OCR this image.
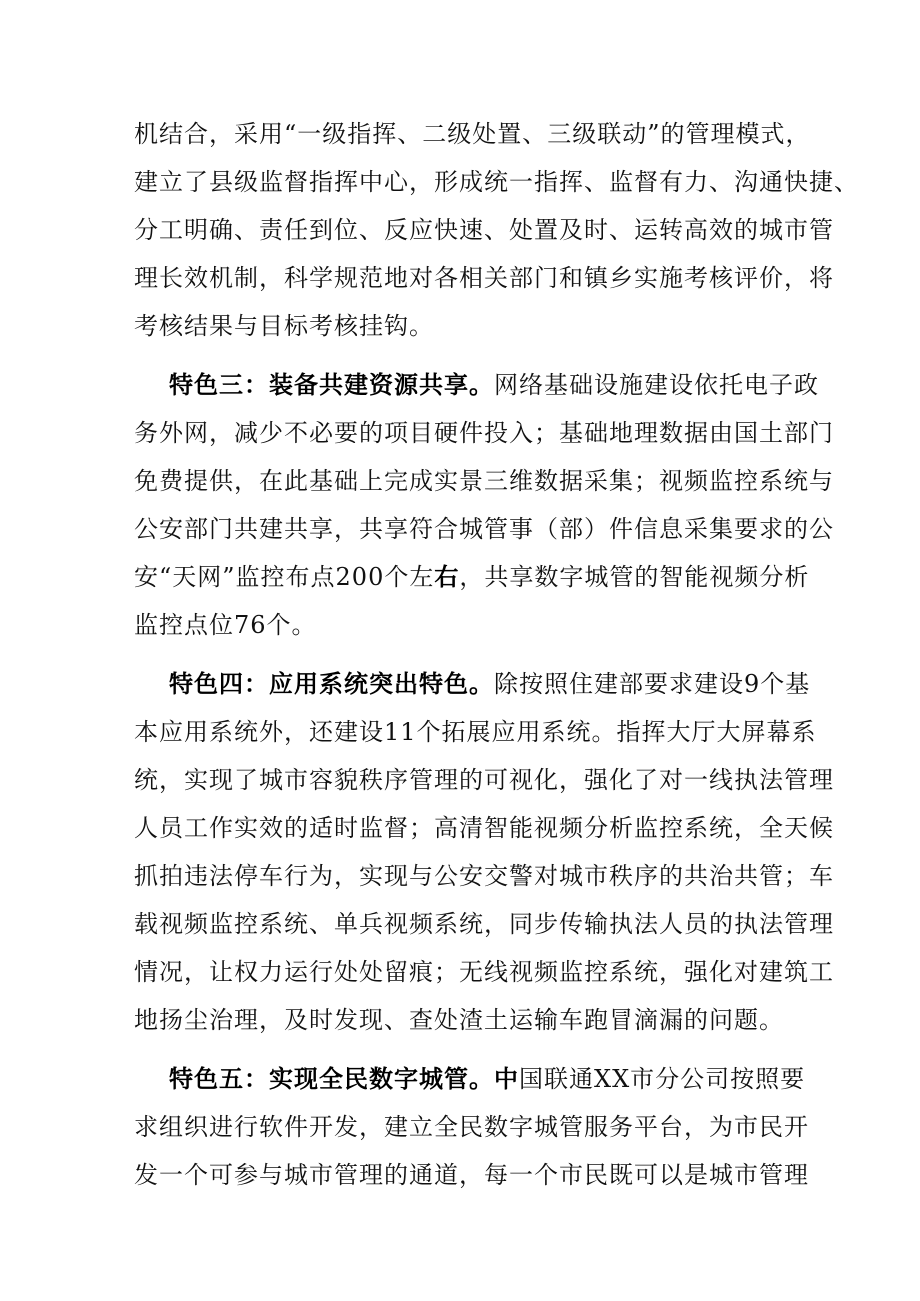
机结合，采用“一级指挥、二级处置、三级联动”的管理模式，
建立了县级监督指挥中心，形成统一指挥、监督有力、沟通快捷、
分工明确、责任到位、反应快速、处置及时、运转高效的城市管
理长效机制，科学规范地对各相关部门和镇乡实施考核评价，将
考核结果与目标考核挂钩。
特色三：装备共建资源共享。网络基础设施建设依托电子政
务外网，减少不必要的项目硬件投入；基础地理数据由国土部门
免费提供，在此基础上完成实景三维数据采集；视频监控系统与
公安部门共建共享，共享符合城管事（部）件信息采集要求的公
安“天网”监控布点200个左右，共享数字城管的智能视频分析
监控点位76个。
特色四：应用系统突出特色。除按照住建部要求建设9个基
本应用系统外，还建设11个拓展应用系统。指挥大厅大屏幕系
统，实现了城市容貌秩序管理的可视化，强化了对一线执法管理
人员工作实效的适时监督；高清智能视频分析监控系统，全天候
抓拍违法停车行为，实现与公安交警对城市秩序的共治共管；车
载视频监控系统、单兵视频系统，同步传输执法人员的执法管理
情况，让权力运行处处留痕；无线视频监控系统，强化对建筑工
地扬尘治理，及时发现、查处渣土运输车跑冒滴漏的问题。
特色五：实现全民数字城管。中国联通XX市分公司按照要
求组织进行软件开发，建立全民数字城管服务平台，为市民开
发一个可参与城市管理的通道，每一个市民既可以是城市管理
